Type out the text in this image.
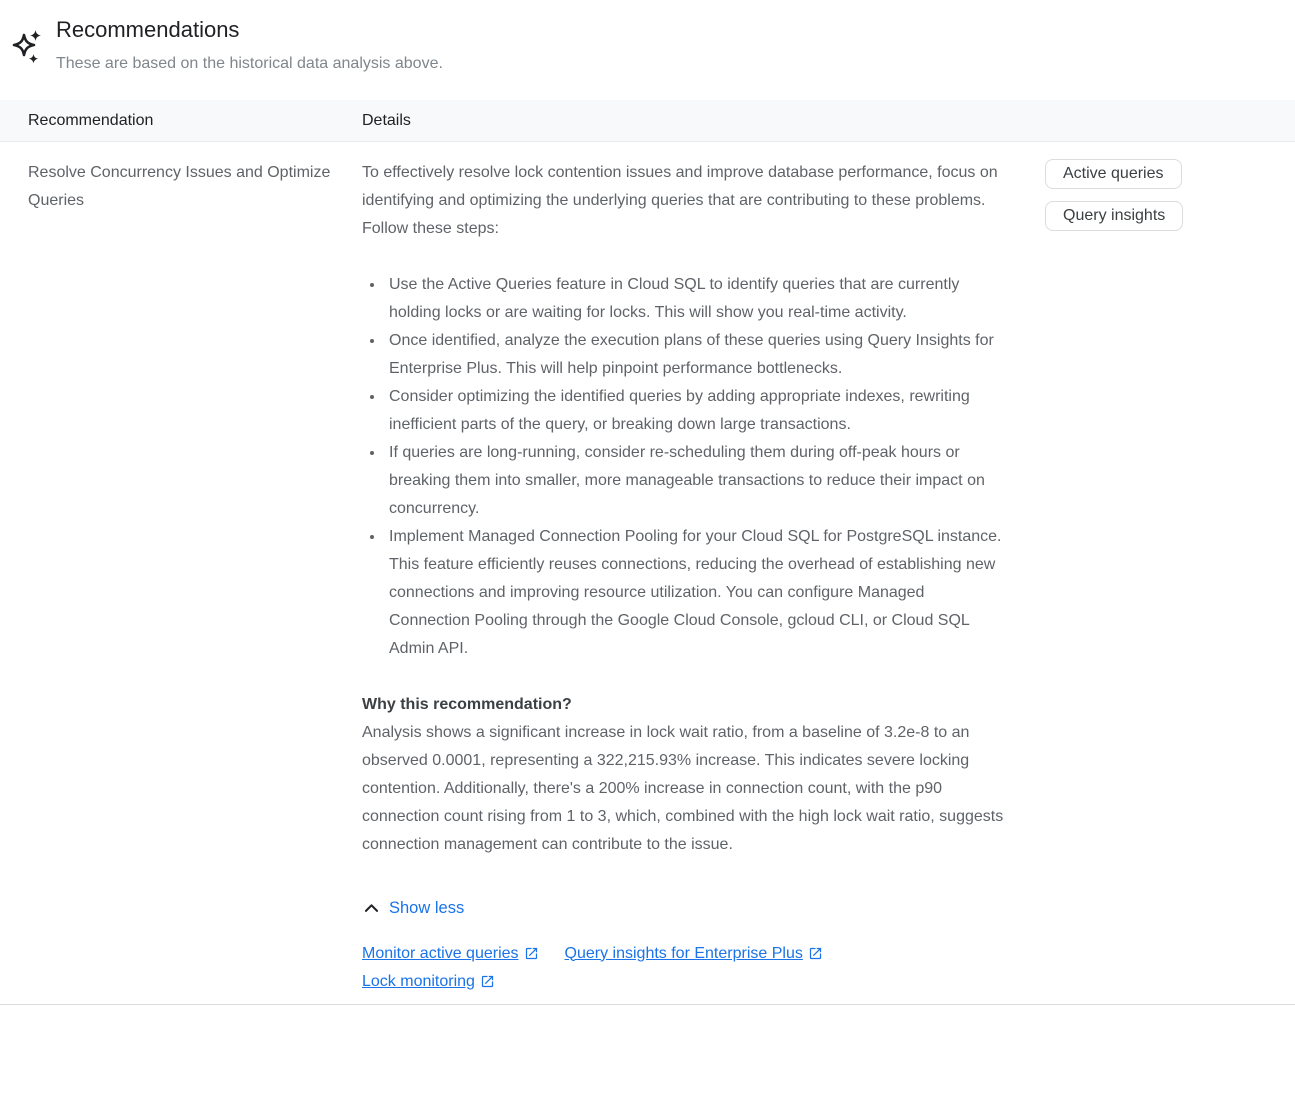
Recommendations
These are based on the historical data analysis above.
Recommendation	Details
Resolve Concurrency Issues and Optimize Queries

To effectively resolve lock contention issues and improve database performance, focus on identifying and optimizing the underlying queries that are contributing to these problems. Follow these steps:

• Use the Active Queries feature in Cloud SQL to identify queries that are currently holding locks or are waiting for locks. This will show you real-time activity.
• Once identified, analyze the execution plans of these queries using Query Insights for Enterprise Plus. This will help pinpoint performance bottlenecks.
• Consider optimizing the identified queries by adding appropriate indexes, rewriting inefficient parts of the query, or breaking down large transactions.
• If queries are long-running, consider re-scheduling them during off-peak hours or breaking them into smaller, more manageable transactions to reduce their impact on concurrency.
• Implement Managed Connection Pooling for your Cloud SQL for PostgreSQL instance. This feature efficiently reuses connections, reducing the overhead of establishing new connections and improving resource utilization. You can configure Managed Connection Pooling through the Google Cloud Console, gcloud CLI, or Cloud SQL Admin API.
Why this recommendation?

Analysis shows a significant increase in lock wait ratio, from a baseline of 3.2e-8 to an observed 0.0001, representing a 322,215.93% increase. This indicates severe locking contention. Additionally, there's a 200% increase in connection count, with the p90 connection count rising from 1 to 3, which, combined with the high lock wait ratio, suggests connection management can contribute to the issue.

Show less
Monitor active queries	Query insights for Enterprise Plus
Lock monitoring
Active queries
Query insights
